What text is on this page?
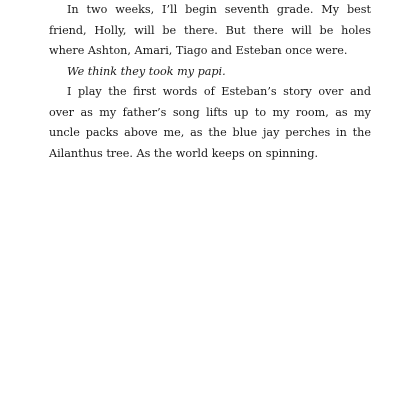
In two weeks, I’ll begin seventh grade. My best friend, Holly, will be there. But there will be holes where Ashton, Amari, Tiago and Esteban once were.

We think they took my papi.

I play the first words of Esteban’s story over and over as my father’s song lifts up to my room, as my uncle packs above me, as the blue jay perches in the Ailanthus tree. As the world keeps on spinning.
